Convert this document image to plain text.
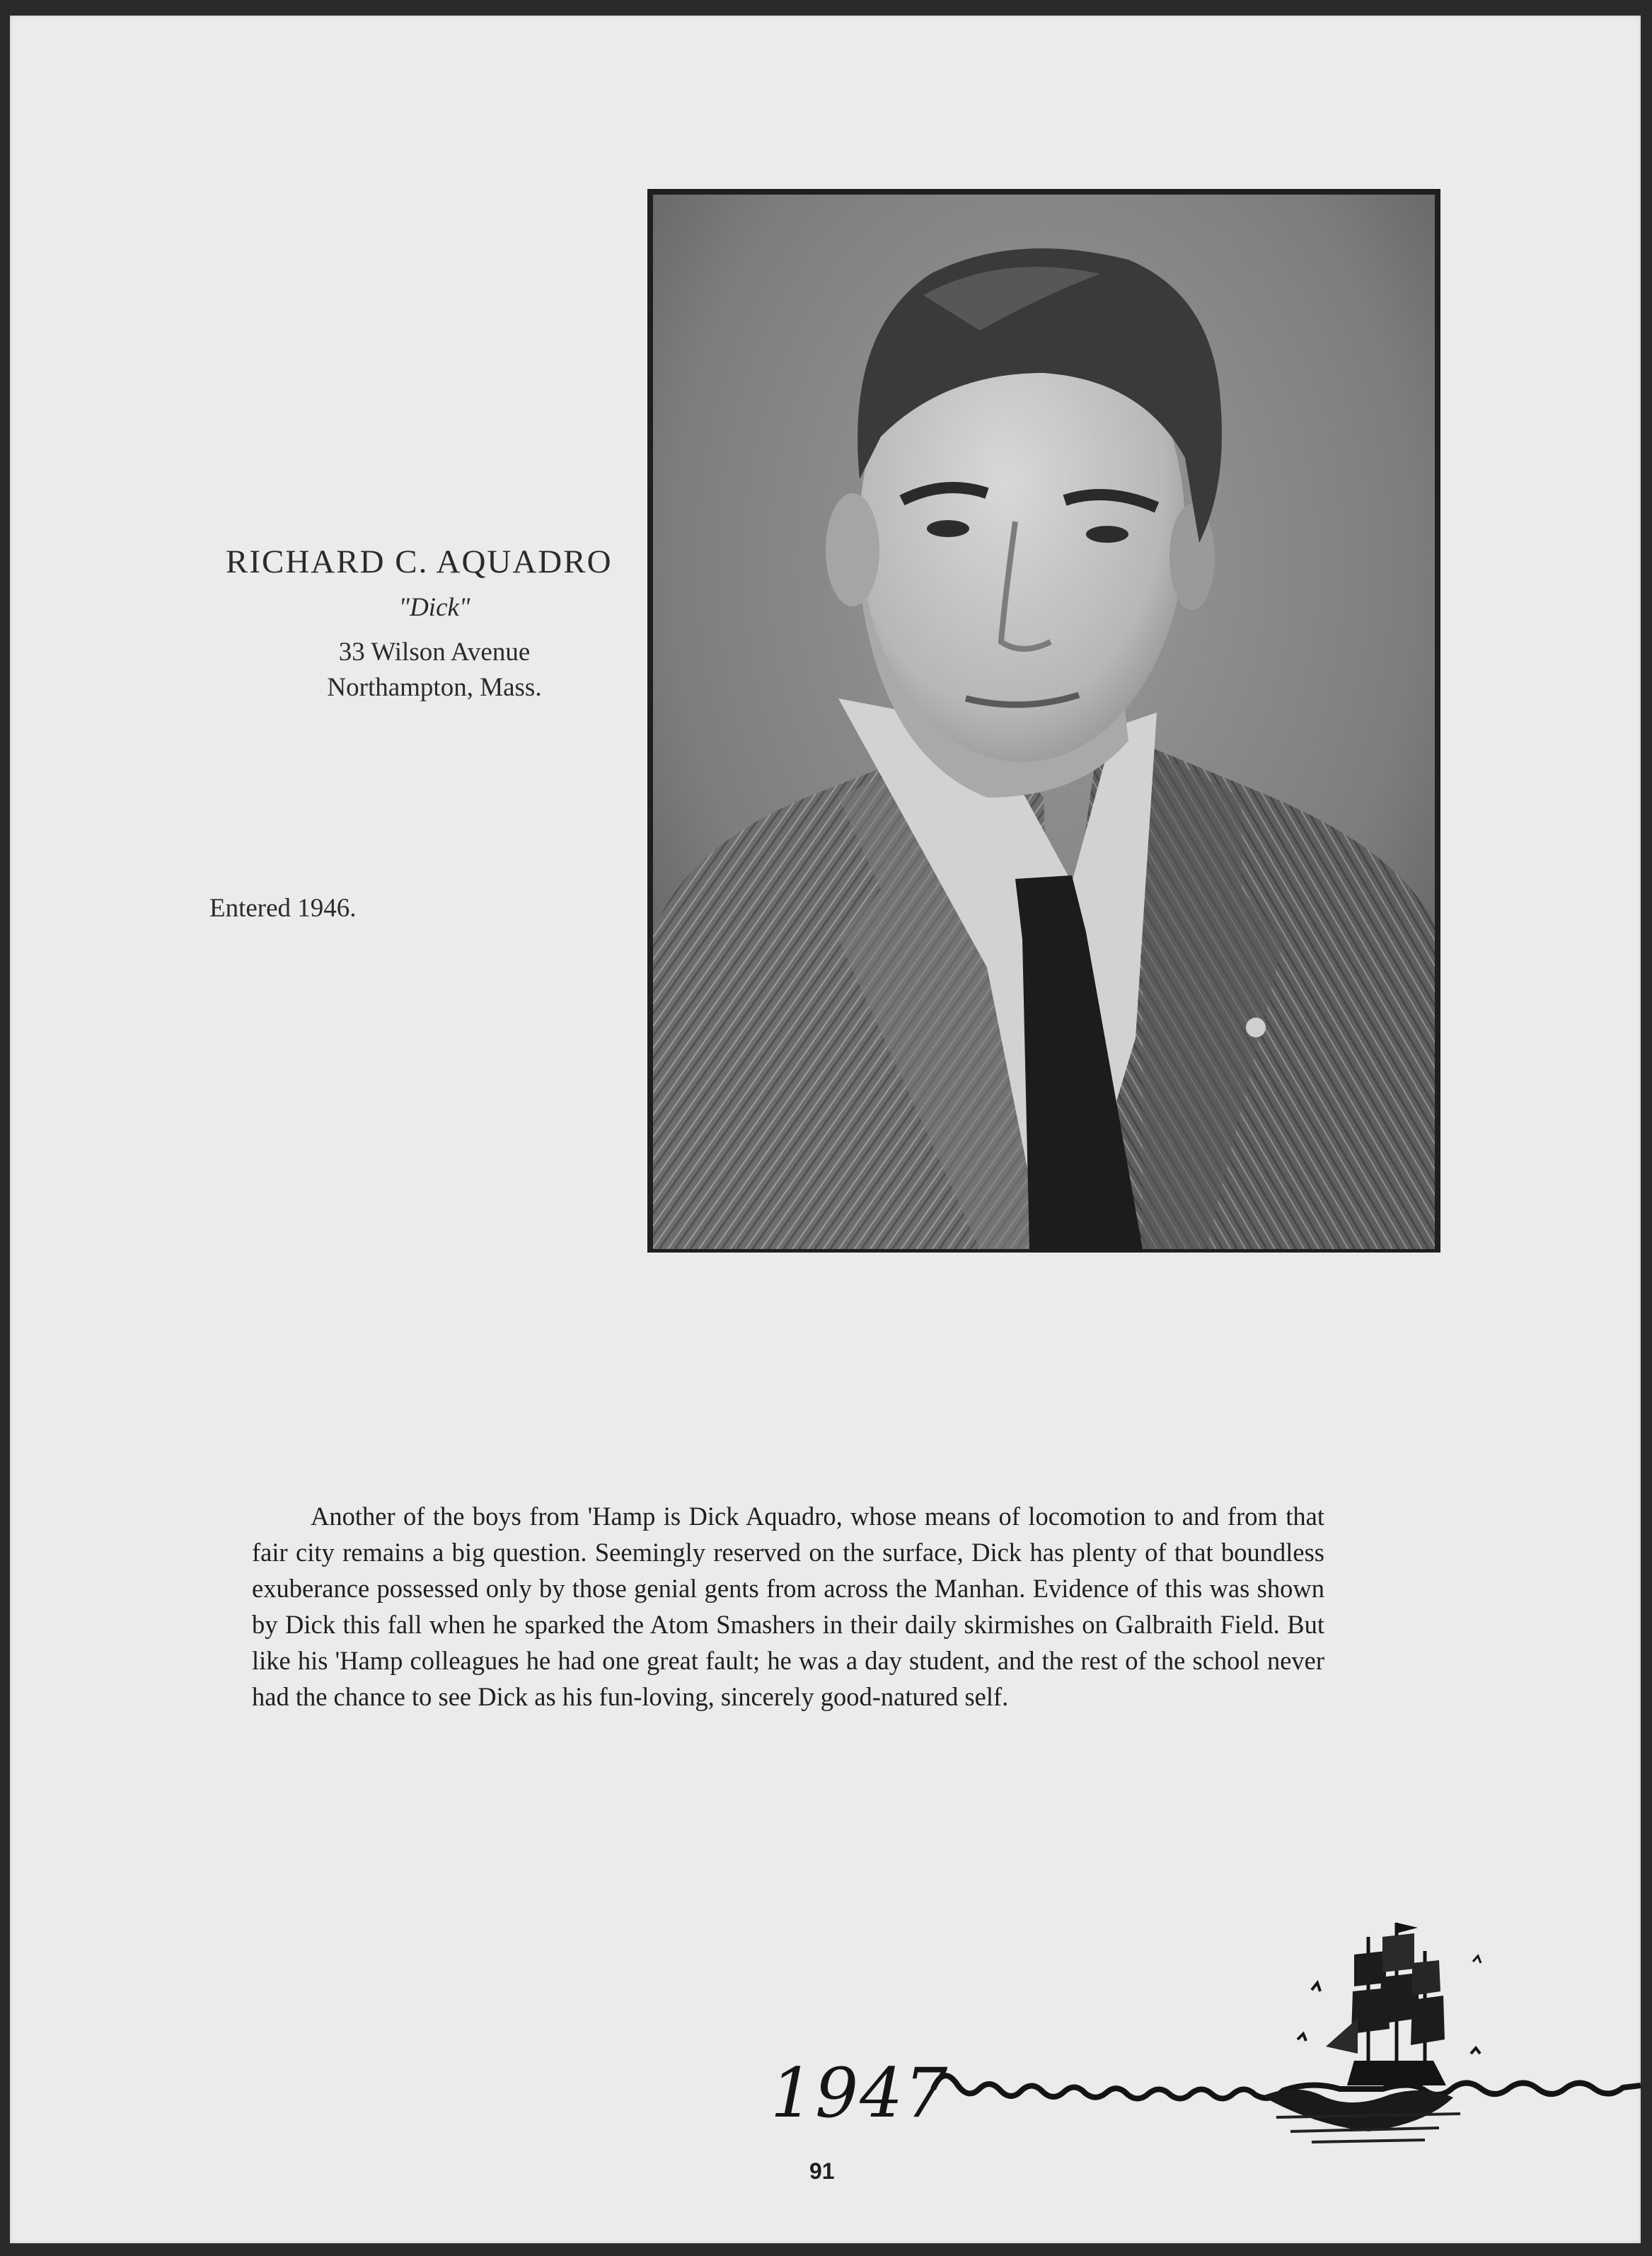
RICHARD C. AQUADRO
"Dick"
33 Wilson Avenue
Northampton, Mass.
Entered 1946.

Another of the boys from 'Hamp is Dick Aquadro, whose means of locomotion to and from that fair city remains a big question. Seemingly reserved on the surface, Dick has plenty of that boundless exuberance possessed only by those genial gents from across the Manhan. Evidence of this was shown by Dick this fall when he sparked the Atom Smashers in their daily skirmishes on Galbraith Field. But like his 'Hamp colleagues he had one great fault; he was a day student, and the rest of the school never had the chance to see Dick as his fun-loving, sincerely good-natured self.

1947
91
